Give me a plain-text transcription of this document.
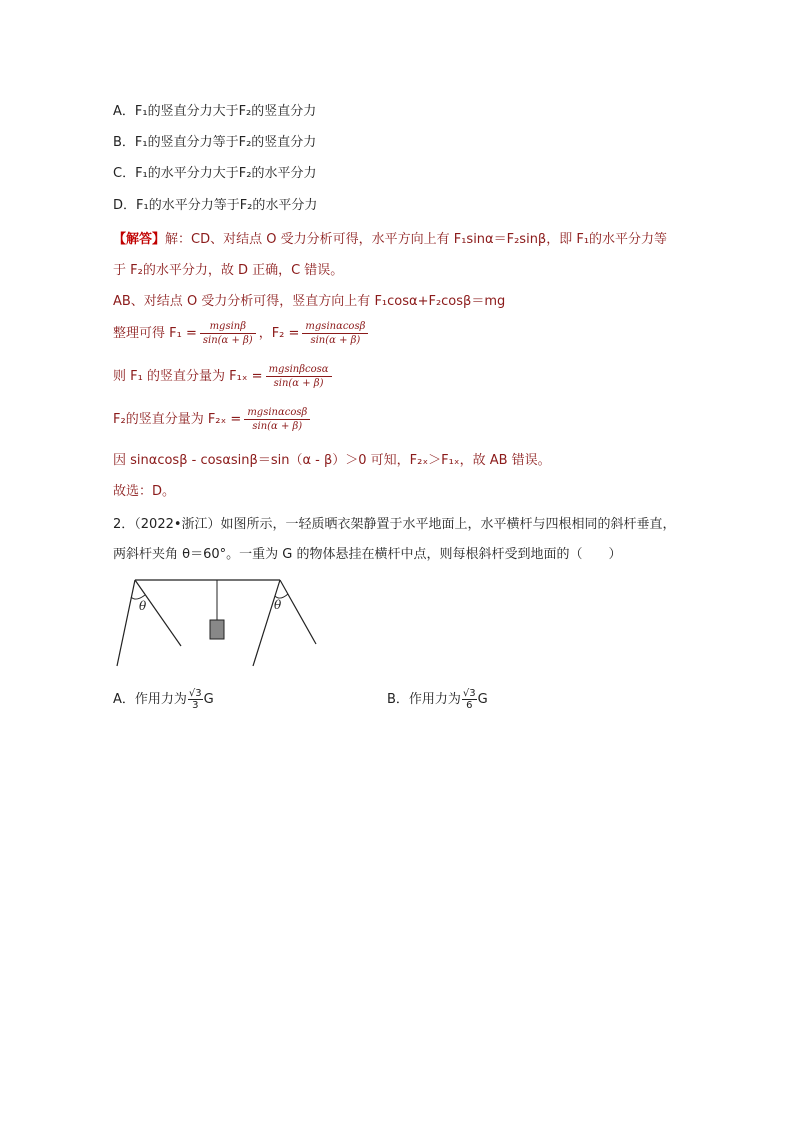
A．F₁的竖直分力大于F₂的竖直分力
B．F₁的竖直分力等于F₂的竖直分力
C．F₁的水平分力大于F₂的水平分力
D．F₁的水平分力等于F₂的水平分力
【解答】解：CD、对结点 O 受力分析可得，水平方向上有 F₁sinα＝F₂sinβ，即 F₁的水平分力等
于 F₂的水平分力，故 D 正确，C 错误。
AB、对结点 O 受力分析可得，竖直方向上有 F₁cosα+F₂cosβ＝mg
整理可得 $F_1 = \frac{mgsin\beta}{\sin(\alpha + \beta)}$ ，$F_2 = \frac{mgsin\alpha\cos\beta}{\sin(\alpha + \beta)}$
则 F₁ 的竖直分量为 $F_{1x} = \frac{mgsin\beta\cos\alpha}{\sin(\alpha + \beta)}$
F₂的竖直分量为 $F_{2x} = \frac{mgsin\alpha\cos\beta}{\sin(\alpha + \beta)}$
因 sinαcosβ - cosαsinβ＝sin（α - β）＞0 可知，F₂ₓ＞F₁ₓ，故 AB 错误。
故选：D。
2．（2022•浙江）如图所示，一轻质晒衣架静置于水平地面上，水平横杆与四根相同的斜杆垂直，
两斜杆夹角 θ＝60°。一重为 G 的物体悬挂在横杆中点，则每根斜杆受到地面的（　　）
θ	θ
A．作用力为 $\frac{√3}{3}$ G	B．作用力为 $\frac{√3}{6}$ G
